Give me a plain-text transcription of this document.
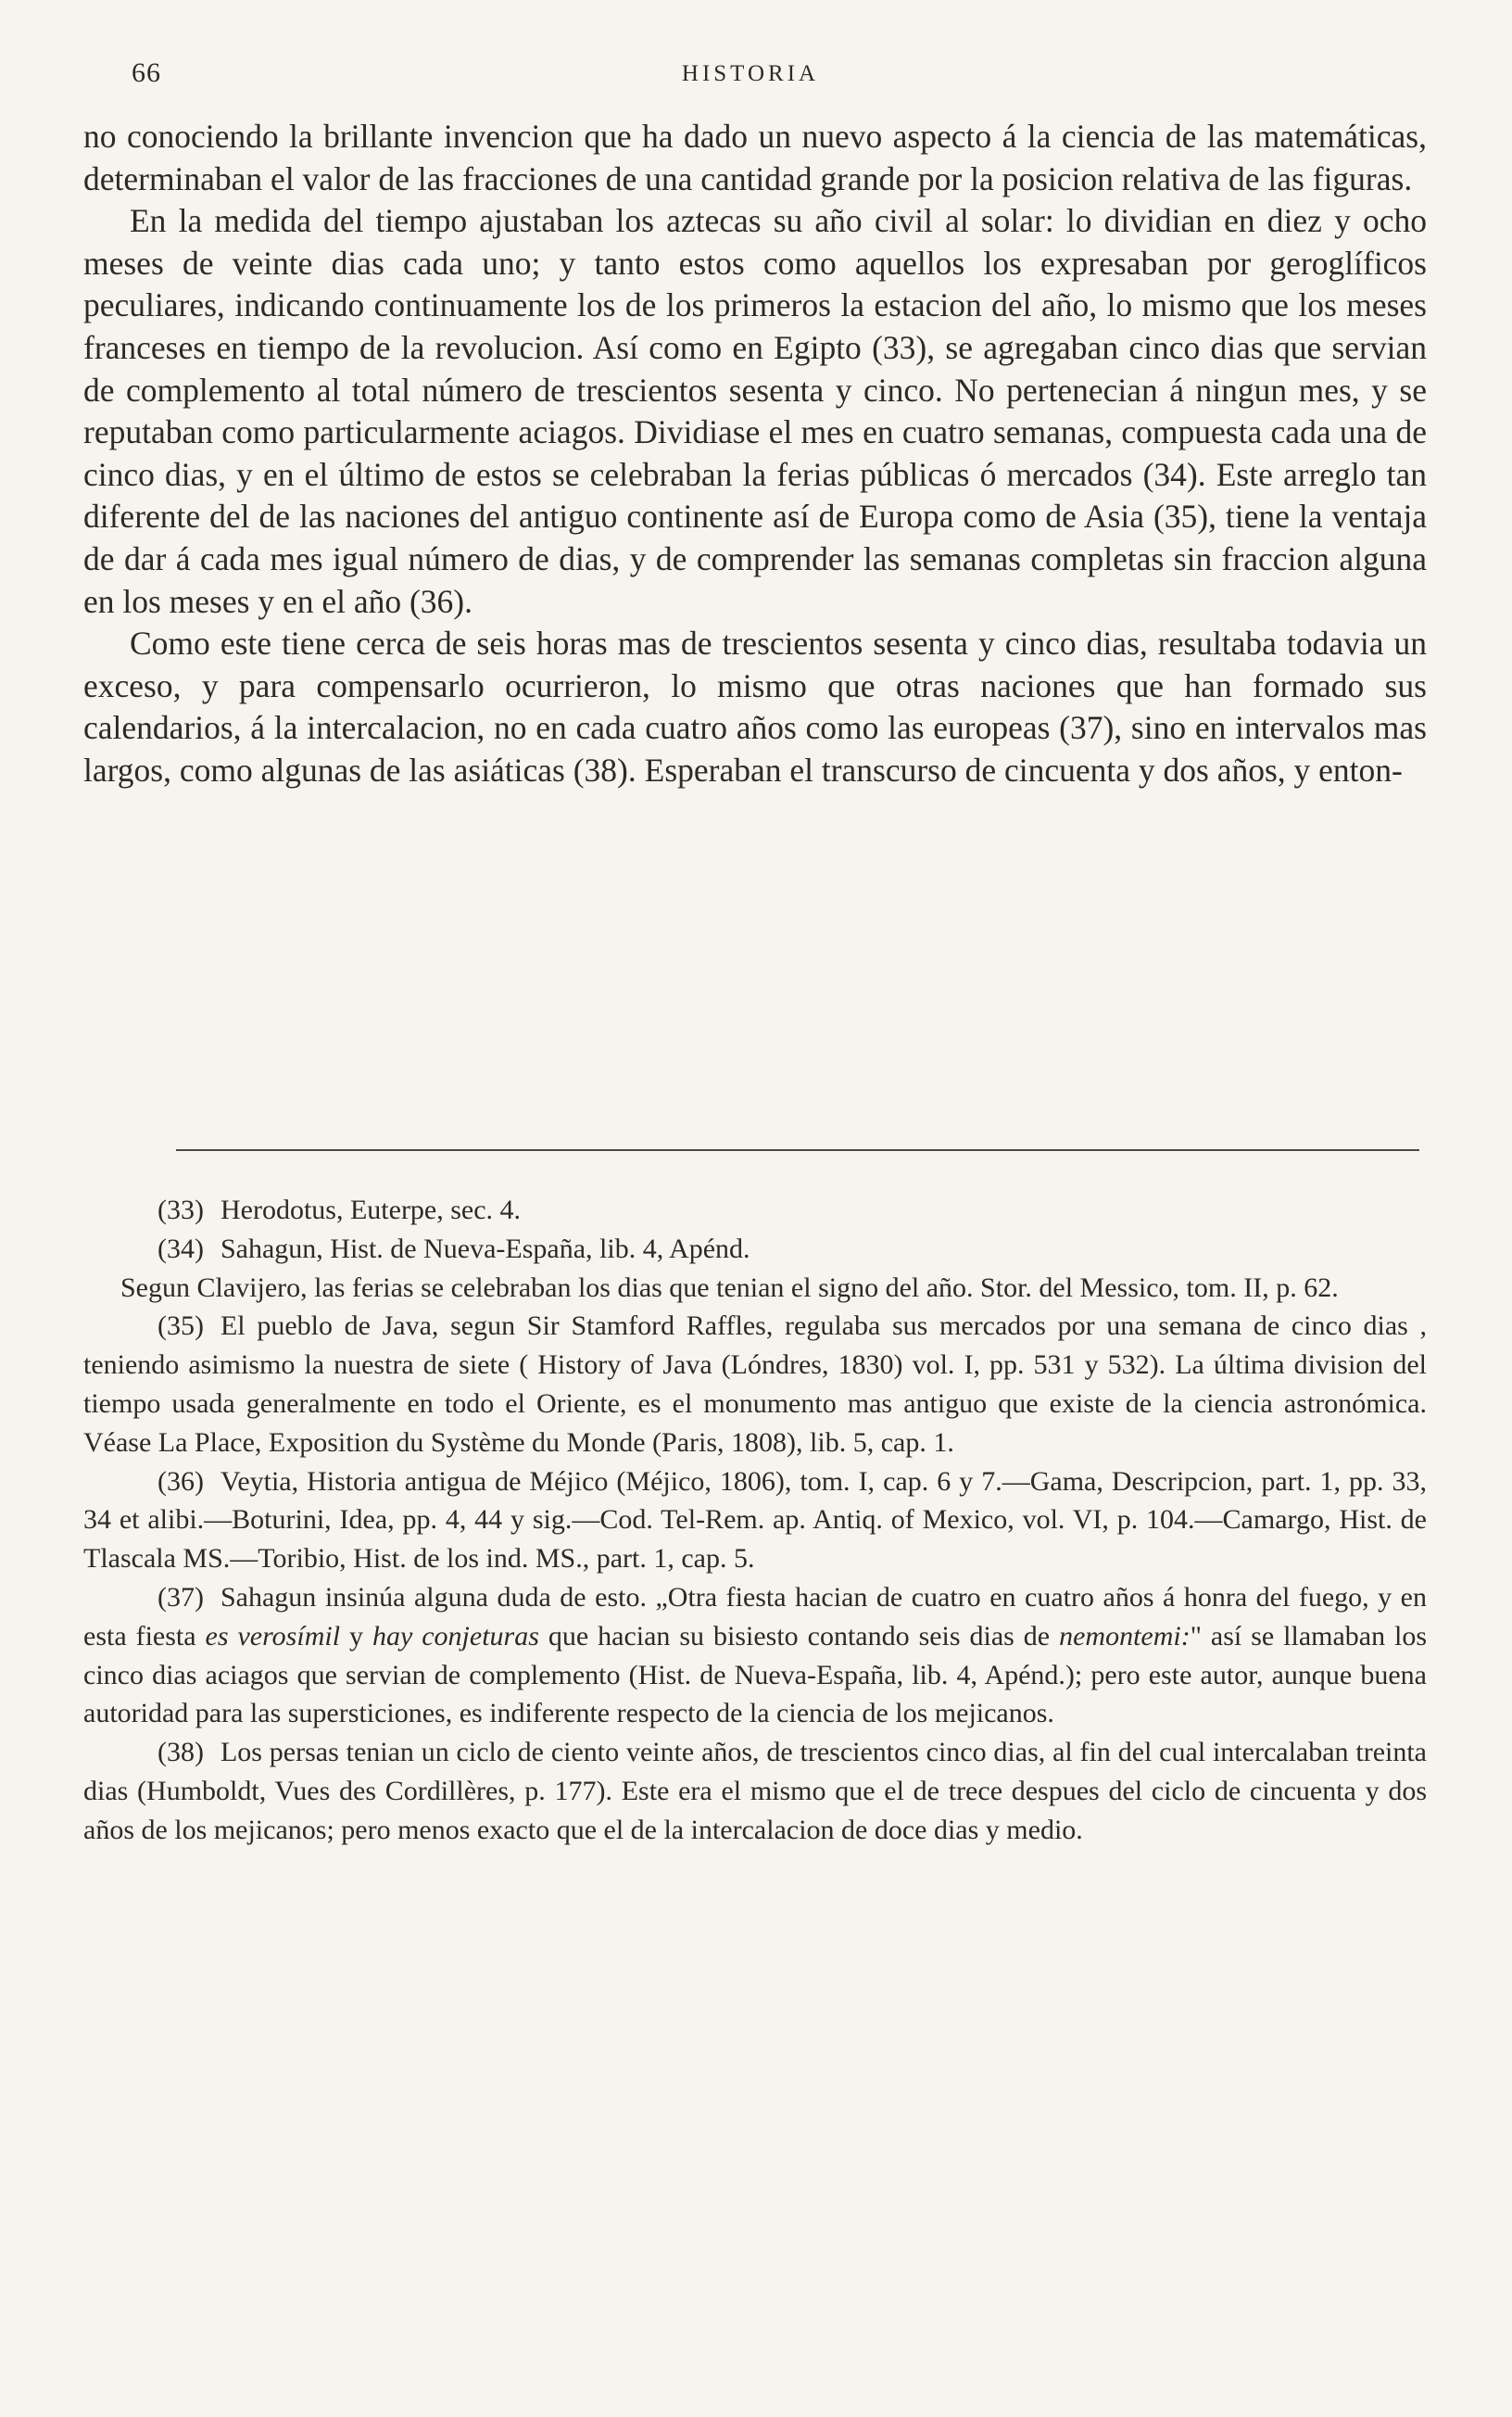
66	HISTORIA

no conociendo la brillante invencion que ha dado un nuevo aspecto á la ciencia de las matemáticas, determinaban el valor de las fracciones de una cantidad grande por la posicion relativa de las figuras.

En la medida del tiempo ajustaban los aztecas su año civil al solar: lo dividian en diez y ocho meses de veinte dias cada uno; y tanto estos como aquellos los expresaban por geroglíficos peculiares, indicando continuamente los de los primeros la estacion del año, lo mismo que los meses franceses en tiempo de la revolucion. Así como en Egipto (33), se agregaban cinco dias que servian de complemento al total número de trescientos sesenta y cinco. No pertenecian á ningun mes, y se reputaban como particularmente aciagos. Dividiase el mes en cuatro semanas, compuesta cada una de cinco dias, y en el último de estos se celebraban la ferias públicas ó mercados (34). Este arreglo tan diferente del de las naciones del antiguo continente así de Europa como de Asia (35), tiene la ventaja de dar á cada mes igual número de dias, y de comprender las semanas completas sin fraccion alguna en los meses y en el año (36).

Como este tiene cerca de seis horas mas de trescientos sesenta y cinco dias, resultaba todavia un exceso, y para compensarlo ocurrieron, lo mismo que otras naciones que han formado sus calendarios, á la intercalacion, no en cada cuatro años como las europeas (37), sino en intervalos mas largos, como algunas de las asiáticas (38). Esperaban el transcurso de cincuenta y dos años, y enton-

(33) Herodotus, Euterpe, sec. 4.

(34) Sahagun, Hist. de Nueva-España, lib. 4, Apénd.

Segun Clavijero, las ferias se celebraban los dias que tenian el signo del año. Stor. del Messico, tom. II, p. 62.

(35) El pueblo de Java, segun Sir Stamford Raffles, regulaba sus mercados por una semana de cinco dias , teniendo asimismo la nuestra de siete ( History of Java (Lóndres, 1830) vol. I, pp. 531 y 532). La última division del tiempo usada generalmente en todo el Oriente, es el monumento mas antiguo que existe de la ciencia astronómica. Véase La Place, Exposition du Système du Monde (Paris, 1808), lib. 5, cap. 1.

(36) Veytia, Historia antigua de Méjico (Méjico, 1806), tom. I, cap. 6 y 7.—Gama, Descripcion, part. 1, pp. 33, 34 et alibi.—Boturini, Idea, pp. 4, 44 y sig.—Cod. Tel-Rem. ap. Antiq. of Mexico, vol. VI, p. 104.—Camargo, Hist. de Tlascala MS.—Toribio, Hist. de los ind. MS., part. 1, cap. 5.

(37) Sahagun insinúa alguna duda de esto. „Otra fiesta hacian de cuatro en cuatro años á honra del fuego, y en esta fiesta es verosímil y hay conjeturas que hacian su bisiesto contando seis dias de nemontemi:" así se llamaban los cinco dias aciagos que servian de complemento (Hist. de Nueva-España, lib. 4, Apénd.); pero este autor, aunque buena autoridad para las supersticiones, es indiferente respecto de la ciencia de los mejicanos.

(38) Los persas tenian un ciclo de ciento veinte años, de trescientos cinco dias, al fin del cual intercalaban treinta dias (Humboldt, Vues des Cordillères, p. 177). Este era el mismo que el de trece despues del ciclo de cincuenta y dos años de los mejicanos; pero menos exacto que el de la intercalacion de doce dias y medio.
